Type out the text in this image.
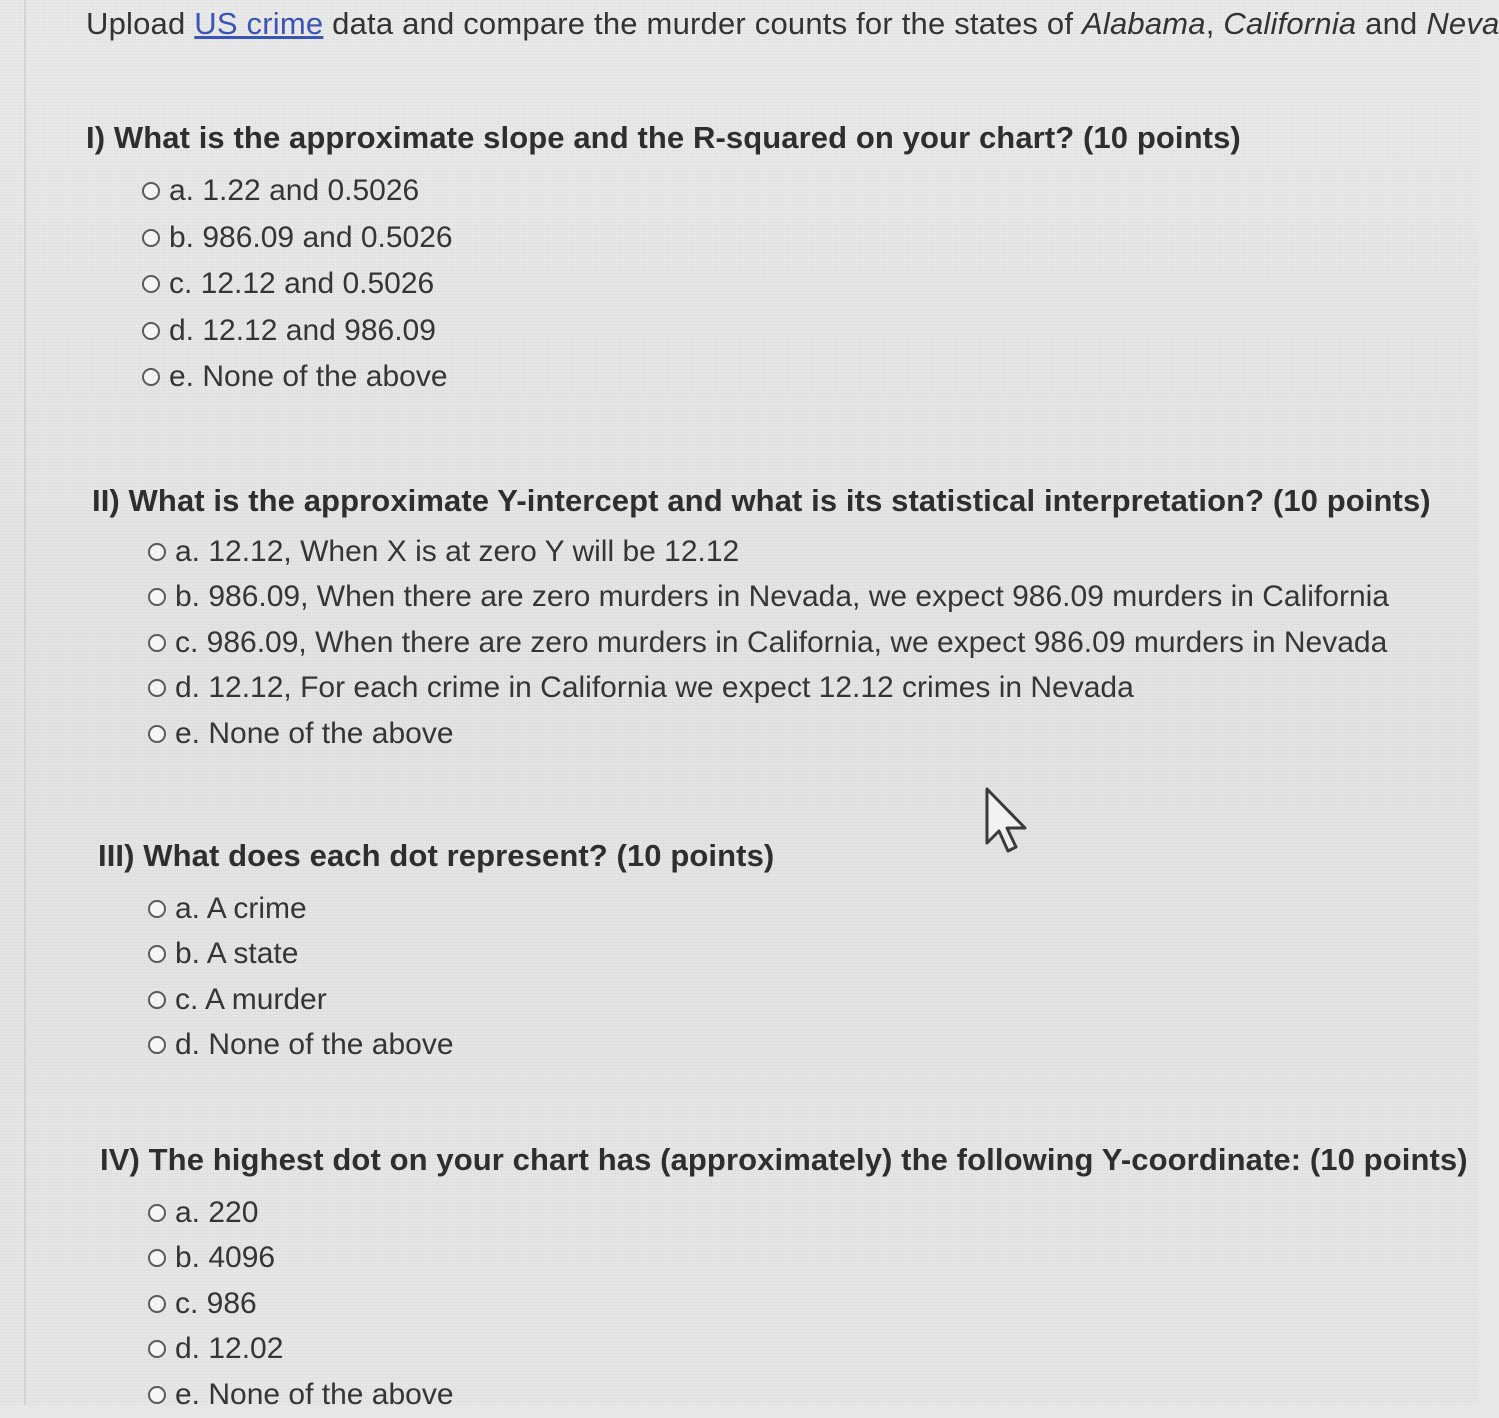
Upload US crime data and compare the murder counts for the states of Alabama, California and Neva
I) What is the approximate slope and the R-squared on your chart? (10 points)
a. 1.22 and 0.5026
b. 986.09 and 0.5026
c. 12.12 and 0.5026
d. 12.12 and 986.09
e. None of the above
II) What is the approximate Y-intercept and what is its statistical interpretation? (10 points)
a. 12.12, When X is at zero Y will be 12.12
b. 986.09, When there are zero murders in Nevada, we expect 986.09 murders in California
c. 986.09, When there are zero murders in California, we expect 986.09 murders in Nevada
d. 12.12, For each crime in California we expect 12.12 crimes in Nevada
e. None of the above
III) What does each dot represent? (10 points)
a. A crime
b. A state
c. A murder
d. None of the above
IV) The highest dot on your chart has (approximately) the following Y-coordinate: (10 points)
a. 220
b. 4096
c. 986
d. 12.02
e. None of the above
